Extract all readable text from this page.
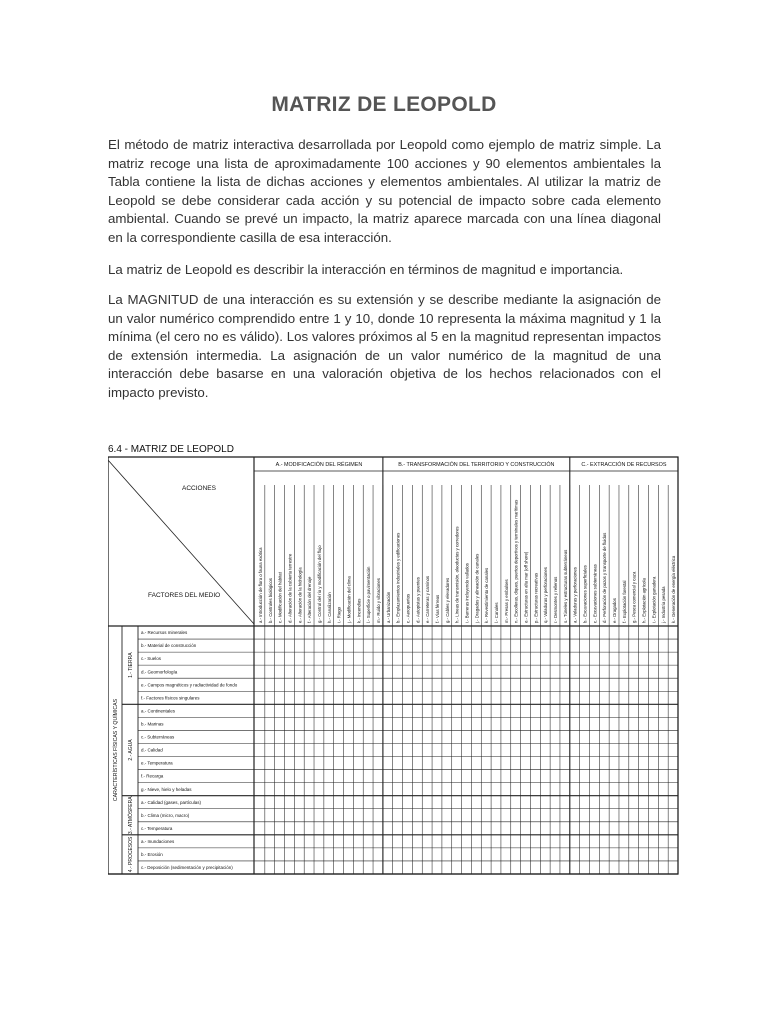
MATRIZ DE LEOPOLD

El método de matriz interactiva desarrollada por Leopold como ejemplo de matriz simple. La matriz recoge una lista de aproximadamente 100 acciones y 90 elementos ambientales la Tabla contiene la lista de dichas acciones y elementos ambientales. Al utilizar la matriz de Leopold se debe considerar cada acción y su potencial de impacto sobre cada elemento ambiental. Cuando se prevé un impacto, la matriz aparece marcada con una línea diagonal en la correspondiente casilla de esa interacción.

La matriz de Leopold es describir la interacción en términos de magnitud e importancia.

La MAGNITUD de una interacción es su extensión y se describe mediante la asignación de un valor numérico comprendido entre 1 y 10, donde 10 representa la máxima magnitud y 1 la mínima (el cero no es válido). Los valores próximos al 5 en la magnitud representan impactos de extensión intermedia. La asignación de un valor numérico de la magnitud de una interacción debe basarse en una valoración objetiva de los hechos relacionados con el impacto previsto.

6.4 - MATRIZ DE LEOPOLD
ACCIONES
FACTORES DEL MEDIO
A.- MODIFICACIÓN DEL RÉGIMEN	B.- TRANSFORMACIÓN DEL TERRITORIO Y CONSTRUCCIÓN	C.- EXTRACCIÓN DE RECURSOS
a.- Introducción de flora o fauna exótica b.- Controles biológicos c.- Modificación del hábitat d.- Alteración de la cubierta terrestre e.- Alteración de la hidrología f.- Alteración del drenaje g.- Control del río y modificación del flujo h.- Canalización i.- Riego j.- Modificación del clima k.- Incendios l.- Superficie o pavimentación m.- Ruido y vibraciones a.- Urbanización b.- Emplazamientos industriales y edificaciones c.- Aeropuertos d.- Autopistas y puentes e.- Carreteras y caminos f.- Vías férreas g.- Cables y elevadores h.- Líneas de transmisión, oleoductos y corredores i.- Barreras incluyendo vallados j.- Dragados y alineación de canales k.- Revestimiento de canales l.- Canales m.- Presas y embalses n.- Escolleras, diques, puertos deportivos y terminales marítimas o.- Estructuras en alta mar (off shore) p.- Estructuras recreativas q.- Voladuras y perforaciones r.- Desmontes y rellenos s.- Túneles y estructuras subterráneas a.- Voladuras y perforaciones b.- Excavaciones superficiales c.- Excavaciones subterráneas d.- Perforación de pozos y transporte de fluidos e.- Dragados f.- Explotación forestal g.- Pesca comercial y caza h.- Explotación agrícola i.- Explotación ganadera j.- Industria pesada k.- Generación de energía eléctrica
a.- Recursos minerales
b.- Material de construcción
c.- Suelos
d.- Geomorfología
e.- Campos magnéticos y radiactividad de fondo
f.- Factores físicos singulares
a.- Continentales
b.- Marinas
c.- Subterráneas
d.- Calidad
e.- Temperatura
f.- Recarga
g.- Nieve, hielo y heladas
a.- Calidad (gases, partículas)
b.- Clima (micro, macro)
c.- Temperatura
a.- Inundaciones
b.- Erosión
c.- Deposición (sedimentación y precipitación)
CARACTERÍSTICAS FÍSICAS Y QUÍMICAS
1.- TIERRA
2.- AGUA
3.- ATMÓSFERA
4.- PROCESOS
